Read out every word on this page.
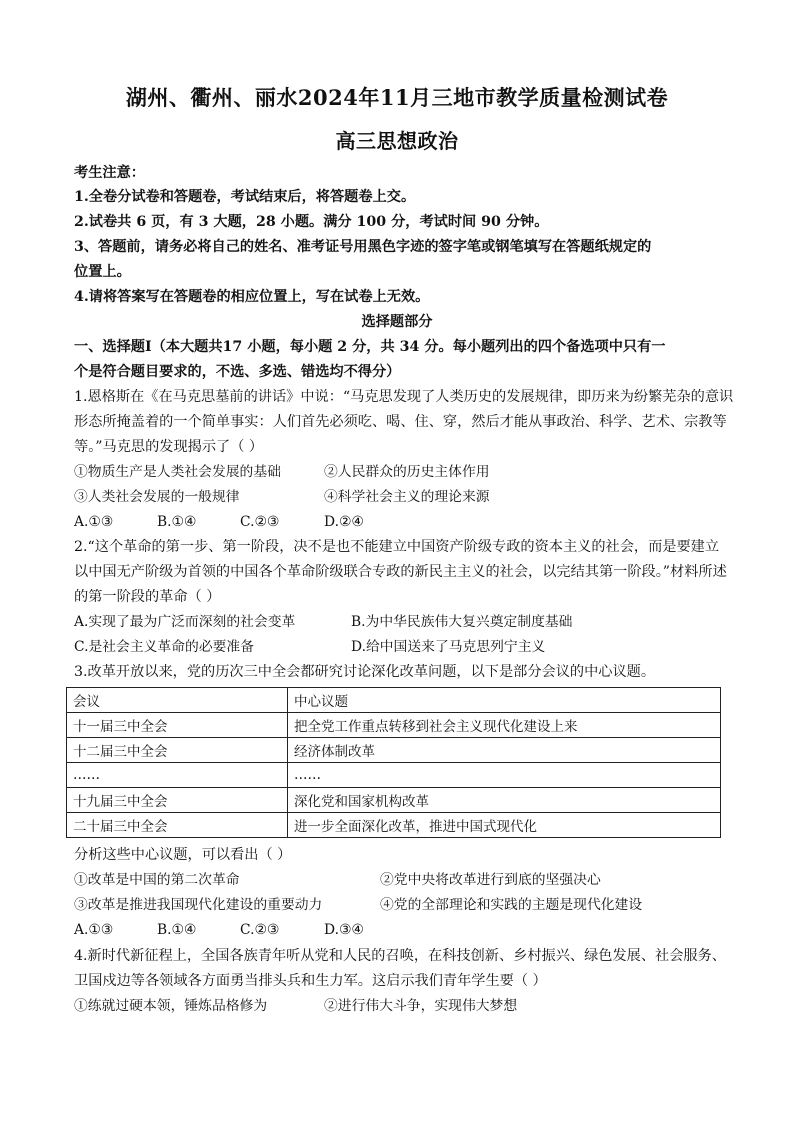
湖州、衢州、丽水2024年11月三地市教学质量检测试卷
高三思想政治
考生注意：
1.全卷分试卷和答题卷，考试结束后，将答题卷上交。
2.试卷共 6 页，有 3 大题，28 小题。满分 100 分，考试时间 90 分钟。
3、答题前，请务必将自己的姓名、准考证号用黑色字迹的签字笔或钢笔填写在答题纸规定的
位置上。
4.请将答案写在答题卷的相应位置上，写在试卷上无效。
选择题部分
一、选择题Ⅰ（本大题共17 小题，每小题 2 分，共 34 分。每小题列出的四个备选项中只有一
个是符合题目要求的，不选、多选、错选均不得分）
1.恩格斯在《在马克思墓前的讲话》中说：“马克思发现了人类历史的发展规律，即历来为纷繁芜杂的意识
形态所掩盖着的一个简单事实：人们首先必须吃、喝、住、穿，然后才能从事政治、科学、艺术、宗教等
等。”马克思的发现揭示了（ ）
①物质生产是人类社会发展的基础	②人民群众的历史主体作用
③人类社会发展的一般规律	④科学社会主义的理论来源
A.①③	B.①④	C.②③	D.②④
2.“这个革命的第一步、第一阶段，决不是也不能建立中国资产阶级专政的资本主义的社会，而是要建立
以中国无产阶级为首领的中国各个革命阶级联合专政的新民主主义的社会，以完结其第一阶段。”材料所述
的第一阶段的革命（ ）
A.实现了最为广泛而深刻的社会变革	B.为中华民族伟大复兴奠定制度基础
C.是社会主义革命的必要准备	D.给中国送来了马克思列宁主义
3.改革开放以来，党的历次三中全会都研究讨论深化改革问题，以下是部分会议的中心议题。
会议	中心议题
十一届三中全会	把全党工作重点转移到社会主义现代化建设上来
十二届三中全会	经济体制改革
……	……
十九届三中全会	深化党和国家机构改革
二十届三中全会	进一步全面深化改革，推进中国式现代化
分析这些中心议题，可以看出（ ）
①改革是中国的第二次革命	②党中央将改革进行到底的坚强决心
③改革是推进我国现代化建设的重要动力	④党的全部理论和实践的主题是现代化建设
A.①③	B.①④	C.②③	D.③④
4.新时代新征程上，全国各族青年听从党和人民的召唤，在科技创新、乡村振兴、绿色发展、社会服务、
卫国戍边等各领域各方面勇当排头兵和生力军。这启示我们青年学生要（ ）
①练就过硬本领，锤炼品格修为	②进行伟大斗争，实现伟大梦想
